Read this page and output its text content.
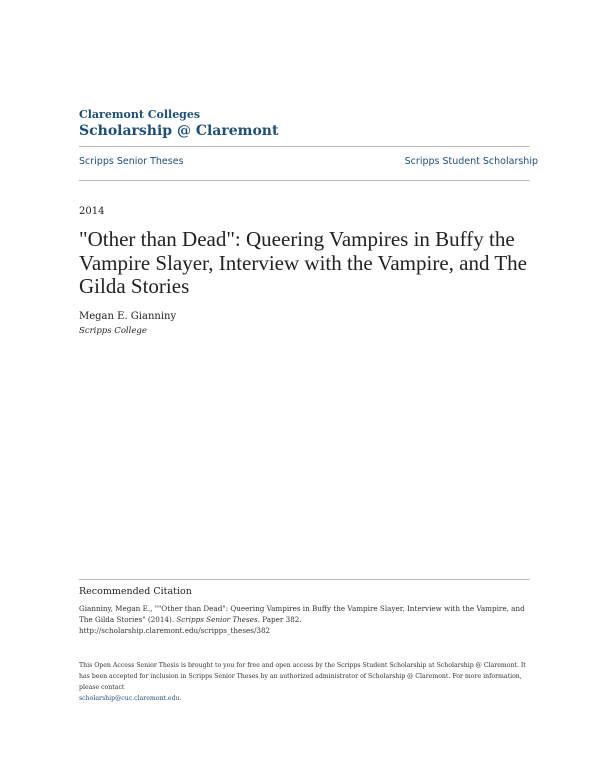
Claremont Colleges
Scholarship @ Claremont
Scripps Senior Theses	Scripps Student Scholarship
2014
"Other than Dead": Queering Vampires in Buffy the Vampire Slayer, Interview with the Vampire, and The Gilda Stories
Megan E. Gianniny
Scripps College
Recommended Citation
Gianniny, Megan E., ""Other than Dead": Queering Vampires in Buffy the Vampire Slayer, Interview with the Vampire, and The Gilda Stories" (2014). Scripps Senior Theses. Paper 382.
http://scholarship.claremont.edu/scripps_theses/382
This Open Access Senior Thesis is brought to you for free and open access by the Scripps Student Scholarship at Scholarship @ Claremont. It has been accepted for inclusion in Scripps Senior Theses by an authorized administrator of Scholarship @ Claremont. For more information, please contact
scholarship@cuc.claremont.edu.
